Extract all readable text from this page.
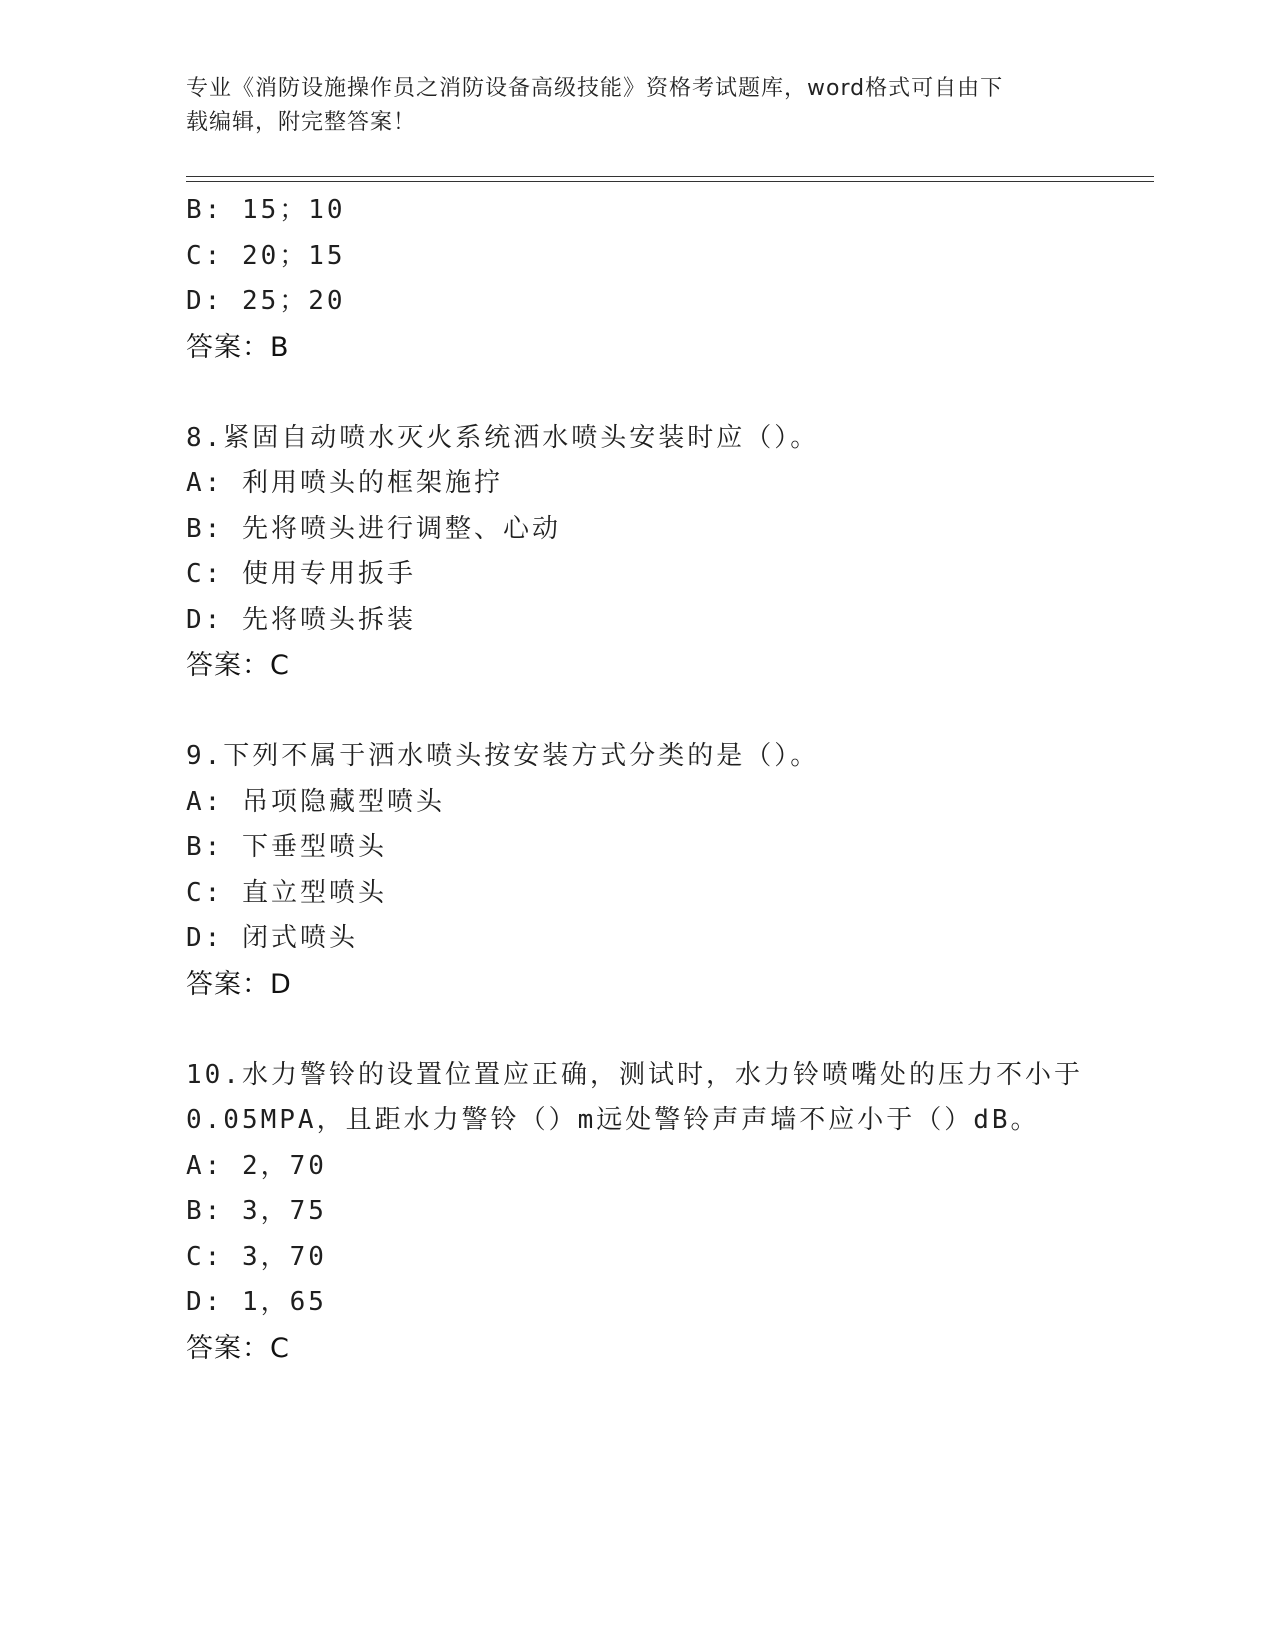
专业《消防设施操作员之消防设备高级技能》资格考试题库，word格式可自由下
载编辑，附完整答案！
B: 15；10
C: 20；15
D: 25；20
答案：B
8.紧固自动喷水灭火系统洒水喷头安装时应（）。
A: 利用喷头的框架施拧
B: 先将喷头进行调整、心动
C: 使用专用扳手
D: 先将喷头拆装
答案：C
9.下列不属于洒水喷头按安装方式分类的是（）。
A: 吊项隐藏型喷头
B: 下垂型喷头
C: 直立型喷头
D: 闭式喷头
答案：D
10.水力警铃的设置位置应正确，测试时，水力铃喷嘴处的压力不小于
0.05MPA，且距水力警铃（）m远处警铃声声墙不应小于（）dB。
A: 2，70
B: 3，75
C: 3，70
D: 1，65
答案：C
